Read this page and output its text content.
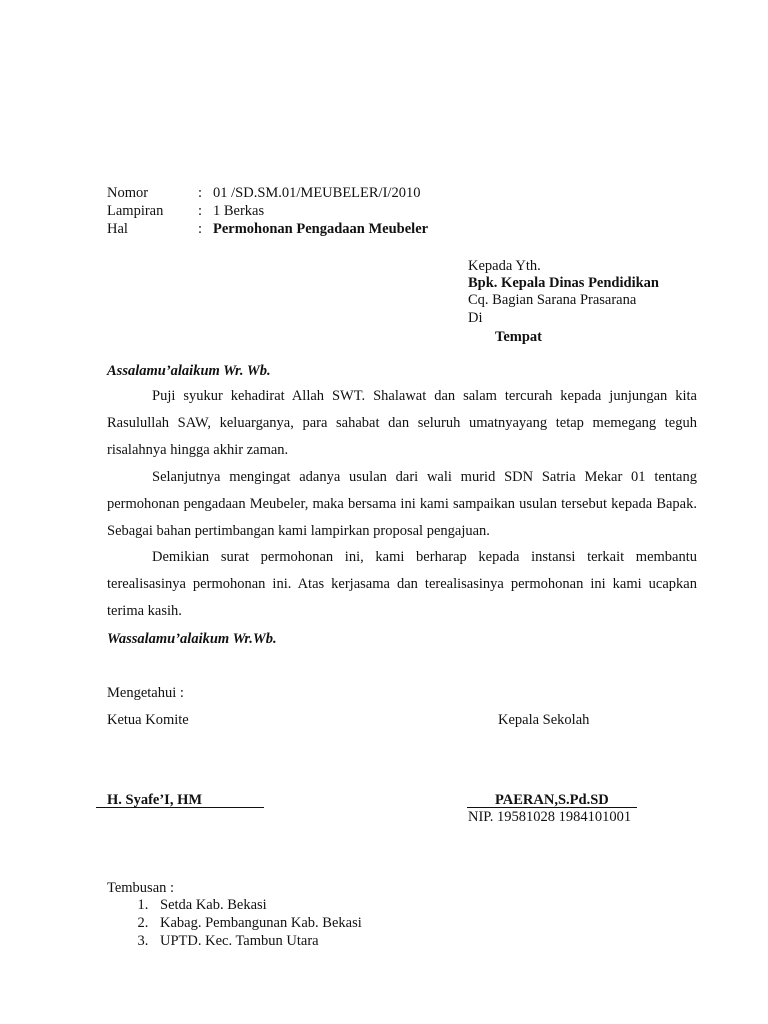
Nomor	: 01 /SD.SM.01/MEUBELER/I/2010
Lampiran : 1 Berkas
Hal	: Permohonan Pengadaan Meubeler
Kepada Yth.
Bpk. Kepala Dinas Pendidikan
Cq. Bagian Sarana Prasarana
Di
Tempat
Assalamu’alaikum Wr. Wb.

Puji syukur kehadirat Allah SWT. Shalawat dan salam tercurah kepada junjungan kita Rasulullah SAW, keluarganya, para sahabat dan seluruh umatnyayang tetap memegang teguh risalahnya hingga akhir zaman.

Selanjutnya mengingat adanya usulan dari wali murid SDN Satria Mekar 01 tentang permohonan pengadaan Meubeler, maka bersama ini kami sampaikan usulan tersebut kepada Bapak. Sebagai bahan pertimbangan kami lampirkan proposal pengajuan.

Demikian surat permohonan ini, kami berharap kepada instansi terkait membantu terealisasinya permohonan ini. Atas kerjasama dan terealisasinya permohonan ini kami ucapkan terima kasih.

Wassalamu’alaikum Wr.Wb.
Mengetahui :
Ketua Komite	Kepala Sekolah
H. Syafe’I, HM	PAERAN,S.Pd.SD
NIP. 19581028 1984101001
Tembusan :
1. Setda Kab. Bekasi
2. Kabag. Pembangunan Kab. Bekasi
3. UPTD. Kec. Tambun Utara
